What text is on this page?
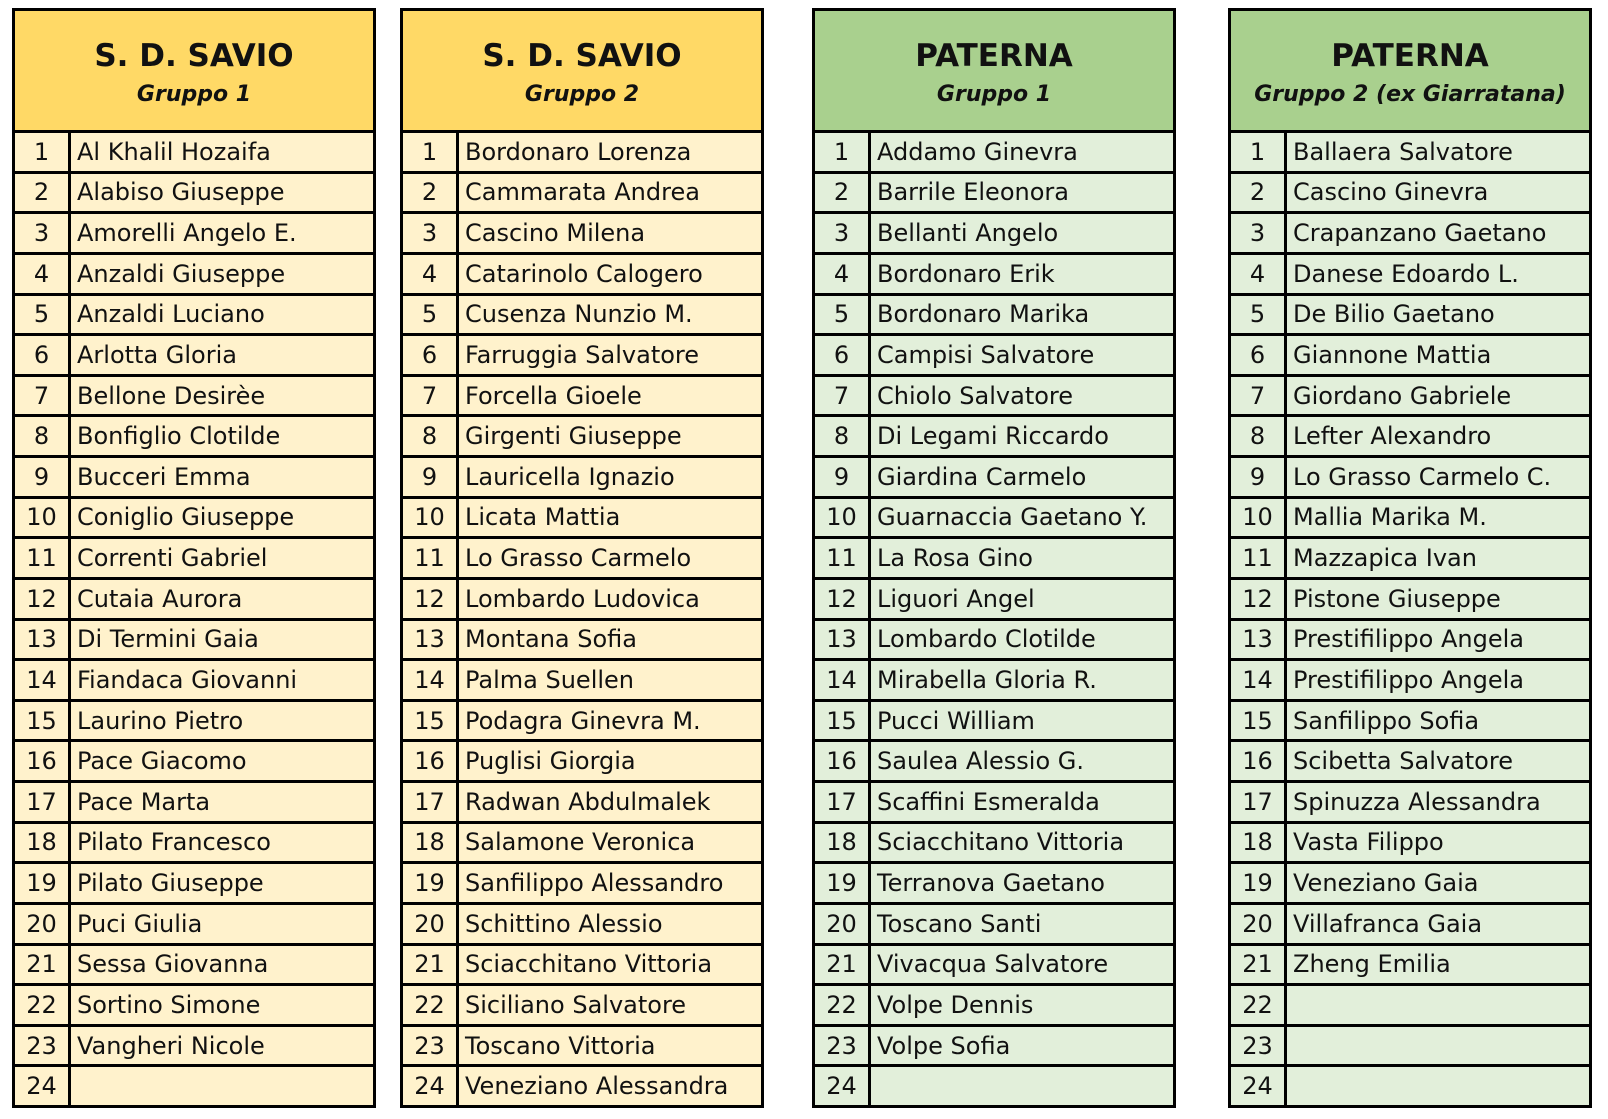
S. D. SAVIO
Gruppo 1
1	Al Khalil Hozaifa
2	Alabiso Giuseppe
3	Amorelli Angelo E.
4	Anzaldi Giuseppe
5	Anzaldi Luciano
6	Arlotta Gloria
7	Bellone Desirèe
8	Bonfiglio Clotilde
9	Bucceri Emma
10 Coniglio Giuseppe
11 Correnti Gabriel
12 Cutaia Aurora
13 Di Termini Gaia
14 Fiandaca Giovanni
15 Laurino Pietro
16 Pace Giacomo
17 Pace Marta
18 Pilato Francesco
19 Pilato Giuseppe
20 Puci Giulia
21 Sessa Giovanna
22 Sortino Simone
23 Vangheri Nicole
24
S. D. SAVIO
Gruppo 2
1	Bordonaro Lorenza
2	Cammarata Andrea
3	Cascino Milena
4	Catarinolo Calogero
5	Cusenza Nunzio M.
6	Farruggia Salvatore
7	Forcella Gioele
8	Girgenti Giuseppe
9	Lauricella Ignazio
10 Licata Mattia
11 Lo Grasso Carmelo
12 Lombardo Ludovica
13 Montana Sofia
14 Palma Suellen
15 Podagra Ginevra M.
16 Puglisi Giorgia
17 Radwan Abdulmalek
18 Salamone Veronica
19 Sanfilippo Alessandro
20 Schittino Alessio
21 Sciacchitano Vittoria
22 Siciliano Salvatore
23 Toscano Vittoria
24 Veneziano Alessandra
PATERNA
Gruppo 1
1	Addamo Ginevra
2	Barrile Eleonora
3	Bellanti Angelo
4	Bordonaro Erik
5	Bordonaro Marika
6	Campisi Salvatore
7	Chiolo Salvatore
8	Di Legami Riccardo
9	Giardina Carmelo
10 Guarnaccia Gaetano Y.
11 La Rosa Gino
12 Liguori Angel
13 Lombardo Clotilde
14 Mirabella Gloria R.
15 Pucci William
16 Saulea Alessio G.
17 Scaffini Esmeralda
18 Sciacchitano Vittoria
19 Terranova Gaetano
20 Toscano Santi
21 Vivacqua Salvatore
22 Volpe Dennis
23 Volpe Sofia
24
PATERNA
Gruppo 2 (ex Giarratana)
1	Ballaera Salvatore
2	Cascino Ginevra
3	Crapanzano Gaetano
4	Danese Edoardo L.
5	De Bilio Gaetano
6	Giannone Mattia
7	Giordano Gabriele
8	Lefter Alexandro
9	Lo Grasso Carmelo C.
10 Mallia Marika M.
11 Mazzapica Ivan
12 Pistone Giuseppe
13 Prestifilippo Angela
14 Prestifilippo Angela
15 Sanfilippo Sofia
16 Scibetta Salvatore
17 Spinuzza Alessandra
18 Vasta Filippo
19 Veneziano Gaia
20 Villafranca Gaia
21 Zheng Emilia
22
23
24
